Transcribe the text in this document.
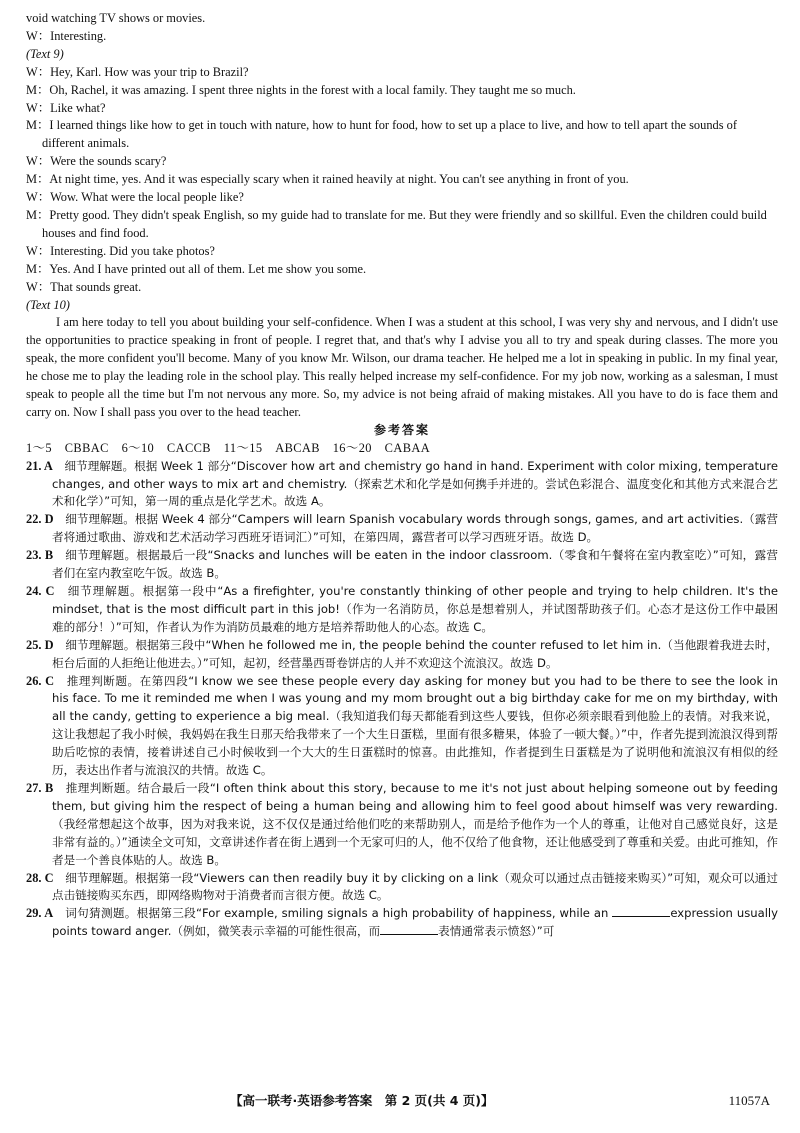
void watching TV shows or movies.

W：Interesting.

(Text 9)

W：Hey, Karl. How was your trip to Brazil?

M：Oh, Rachel, it was amazing. I spent three nights in the forest with a local family. They taught me so much.

W：Like what?

M：I learned things like how to get in touch with nature, how to hunt for food, how to set up a place to live, and how to tell apart the sounds of different animals.

W：Were the sounds scary?

M：At night time, yes. And it was especially scary when it rained heavily at night. You can't see anything in front of you.

W：Wow. What were the local people like?

M：Pretty good. They didn't speak English, so my guide had to translate for me. But they were friendly and so skillful. Even the children could build houses and find food.

W：Interesting. Did you take photos?

M：Yes. And I have printed out all of them. Let me show you some.

W：That sounds great.

(Text 10)

I am here today to tell you about building your self-confidence. When I was a student at this school, I was very shy and nervous, and I didn't use the opportunities to practice speaking in front of people. I regret that, and that's why I advise you all to try and speak during classes. The more you speak, the more confident you'll become. Many of you know Mr. Wilson, our drama teacher. He helped me a lot in speaking in public. In my final year, he chose me to play the leading role in the school play. This really helped increase my self-confidence. For my job now, working as a salesman, I must speak to people all the time but I'm not nervous any more. So, my advice is not being afraid of making mistakes. All you have to do is face them and carry on. Now I shall pass you over to the head teacher.

参考答案

1～5　CBBAC　6～10　CACCB　11～15　ABCAB　16～20　CABAA

21. A　细节理解题。根据 Week 1 部分“Discover how art and chemistry go hand in hand. Experiment with color mixing, temperature changes, and other ways to mix art and chemistry.（探索艺术和化学是如何携手并进的。尝试色彩混合、温度变化和其他方式来混合艺术和化学）”可知，第一周的重点是化学艺术。故选 A。

22. D　细节理解题。根据 Week 4 部分“Campers will learn Spanish vocabulary words through songs, games, and art activities.（露营者将通过歌曲、游戏和艺术活动学习西班牙语词汇）”可知，在第四周，露营者可以学习西班牙语。故选 D。

23. B　细节理解题。根据最后一段“Snacks and lunches will be eaten in the indoor classroom.（零食和午餐将在室内教室吃）”可知，露营者们在室内教室吃午饭。故选 B。

24. C　细节理解题。根据第一段中“As a firefighter, you're constantly thinking of other people and trying to help children. It's the mindset, that is the most difficult part in this job!（作为一名消防员，你总是想着别人，并试图帮助孩子们。心态才是这份工作中最困难的部分！）”可知，作者认为作为消防员最难的地方是培养帮助他人的心态。故选 C。

25. D　细节理解题。根据第三段中“When he followed me in, the people behind the counter refused to let him in.（当他跟着我进去时，柜台后面的人拒绝让他进去。）”可知，起初，经营墨西哥卷饼店的人并不欢迎这个流浪汉。故选 D。

26. C　推理判断题。在第四段“I know we see these people every day asking for money but you had to be there to see the look in his face. To me it reminded me when I was young and my mom brought out a big birthday cake for me on my birthday, with all the candy, getting to experience a big meal.（我知道我们每天都能看到这些人要钱，但你必须亲眼看到他脸上的表情。对我来说，这让我想起了我小时候，我妈妈在我生日那天给我带来了一个大生日蛋糕，里面有很多糖果，体验了一顿大餐。）”中，作者先提到流浪汉得到帮助后吃惊的表情，接着讲述自己小时候收到一个大大的生日蛋糕时的惊喜。由此推知，作者提到生日蛋糕是为了说明他和流浪汉有相似的经历，表达出作者与流浪汉的共情。故选 C。

27. B　推理判断题。结合最后一段“I often think about this story, because to me it's not just about helping someone out by feeding them, but giving him the respect of being a human being and allowing him to feel good about himself was very rewarding.（我经常想起这个故事，因为对我来说，这不仅仅是通过给他们吃的来帮助别人，而是给予他作为一个人的尊重，让他对自己感觉良好，这是非常有益的。）”通读全文可知，文章讲述作者在街上遇到一个无家可归的人，他不仅给了他食物，还让他感受到了尊重和关爱。由此可推知，作者是一个善良体贴的人。故选 B。

28. C　细节理解题。根据第一段“Viewers can then readily buy it by clicking on a link（观众可以通过点击链接来购买）”可知，观众可以通过点击链接购买东西，即网络购物对于消费者而言很方便。故选 C。

29. A　词句猜测题。根据第三段“For example, smiling signals a high probability of happiness, while an	expression usually points toward anger.（例如，微笑表示幸福的可能性很高，而	表情通常表示愤怒）”可

【高一联考·英语参考答案　第 2 页(共 4 页)】	11057A
